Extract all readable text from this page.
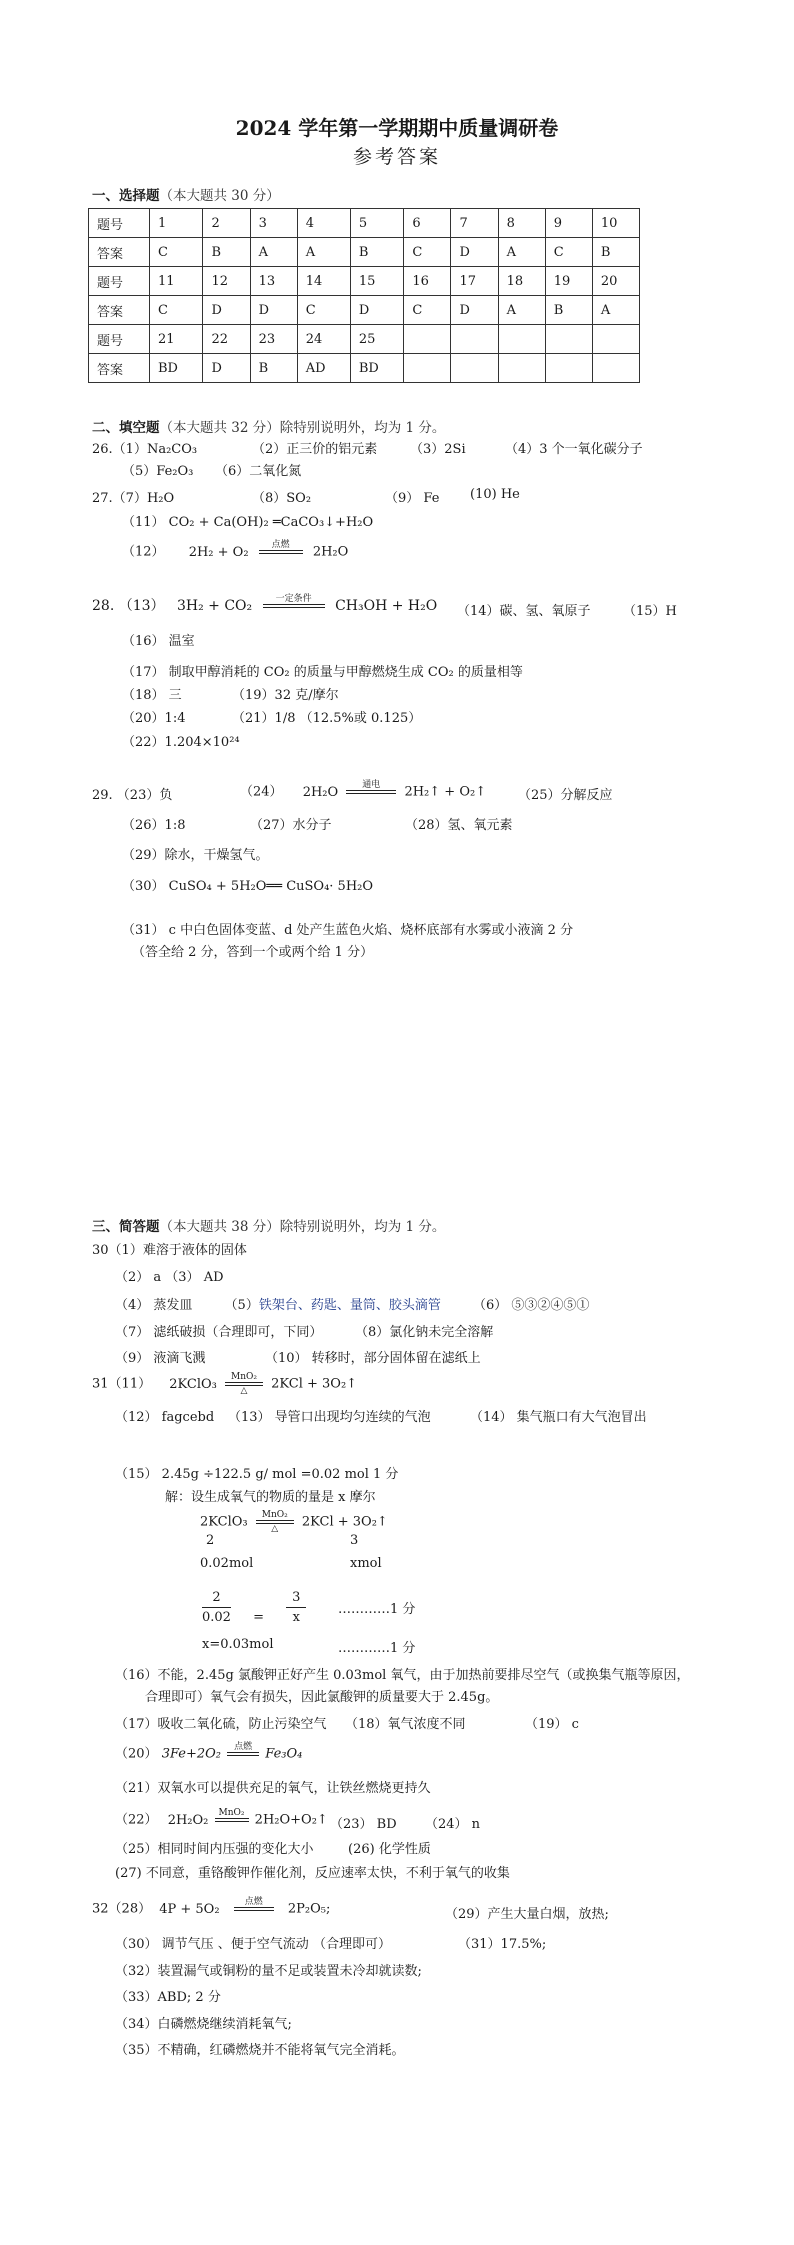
2024 学年第一学期期中质量调研卷
参考答案
一、选择题（本大题共 30 分）
题号	1	2	3	4	5	6	7	8	9	10
答案	C	B	A	A	B	C	D	A	C	B
题号	11	12	13	14	15	16	17	18	19	20
答案	C	D	D	C	D	C	D	A	B	A
题号	21	22	23	24	25					
答案	BD	D	B	AD	BD					
二、填空题（本大题共 32 分）除特别说明外，均为 1 分。
26.（1）Na₂CO₃	（2）正三价的铝元素	（3）2Si	（4）3 个一氧化碳分子
（5）Fe₂O₃ （6）二氧化氮
27.（7）H₂O	（8）SO₂	（9） Fe (10) He
（11） CO₂ + Ca(OH)₂ ═CaCO₃↓+H₂O
（12） 2H₂ + O₂	点燃
	2H₂O
28. （13） 3H₂ + CO₂	一定条件
	CH₃OH + H₂O （14）碳、氢、氧原子 （15）H
（16） 温室
（17） 制取甲醇消耗的 CO₂ 的质量与甲醇燃烧生成 CO₂ 的质量相等
（18） 三	（19）32 克/摩尔
（20）1:4	（21）1/8 （12.5%或 0.125）
（22）1.204×10²⁴
29. （23）负	（24） 2H₂O	通电
	2H₂↑ + O₂↑ （25）分解反应
（26）1:8	（27）水分子	（28）氢、氧元素
（29）除水，干燥氢气。
（30） CuSO₄ + 5H₂O══ CuSO₄· 5H₂O
（31） c 中白色固体变蓝、d 处产生蓝色火焰、烧杯底部有水雾或小液滴 2 分
（答全给 2 分，答到一个或两个给 1 分）
三、简答题（本大题共 38 分）除特别说明外，均为 1 分。
30（1）难溶于液体的固体
（2） a （3） AD
（4） 蒸发皿 （5）铁架台、药匙、量筒、胶头滴管 （6） ⑤③②④⑤①
（7） 滤纸破损（合理即可，下同）	（8）氯化钠未完全溶解
（9） 液滴飞溅	（10） 转移时，部分固体留在滤纸上
31（11） 2KClO₃	MnO₂
△	2KCl + 3O₂↑
（12） fagcebd （13） 导管口出现均匀连续的气泡	（14） 集气瓶口有大气泡冒出
（15） 2.45g ÷122.5 g/ mol =0.02 mol 1 分
解：设生成氧气的物质的量是 x 摩尔
2KClO₃	MnO₂
△	2KCl + 3O₂↑
2	3
0.02mol	xmol
$\frac{2}{0.02} = \frac{3}{x}$ …………1 分
x=0.03mol	…………1 分
（16）不能，2.45g 氯酸钾正好产生 0.03mol 氧气，由于加热前要排尽空气（或换集气瓶等原因，
合理即可）氧气会有损失，因此氯酸钾的质量要大于 2.45g。
（17）吸收二氧化硫，防止污染空气 （18）氧气浓度不同	（19） c
（20） 3Fe+2O₂	点燃
	Fe₃O₄
（21）双氧水可以提供充足的氧气，让铁丝燃烧更持久
（22） 2H₂O₂	MnO₂
2H₂O+O₂↑ （23） BD （24） n
（25）相同时间内压强的变化大小	(26) 化学性质
(27) 不同意，重铬酸钾作催化剂，反应速率太快，不利于氧气的收集
32（28） 4P + 5O₂	点燃
	2P₂O₅;	（29）产生大量白烟，放热;
（30） 调节气压 、便于空气流动 （合理即可）	（31）17.5%;
（32）装置漏气或铜粉的量不足或装置未冷却就读数;
（33）ABD; 2 分
（34）白磷燃烧继续消耗氧气;
（35）不精确，红磷燃烧并不能将氧气完全消耗。
